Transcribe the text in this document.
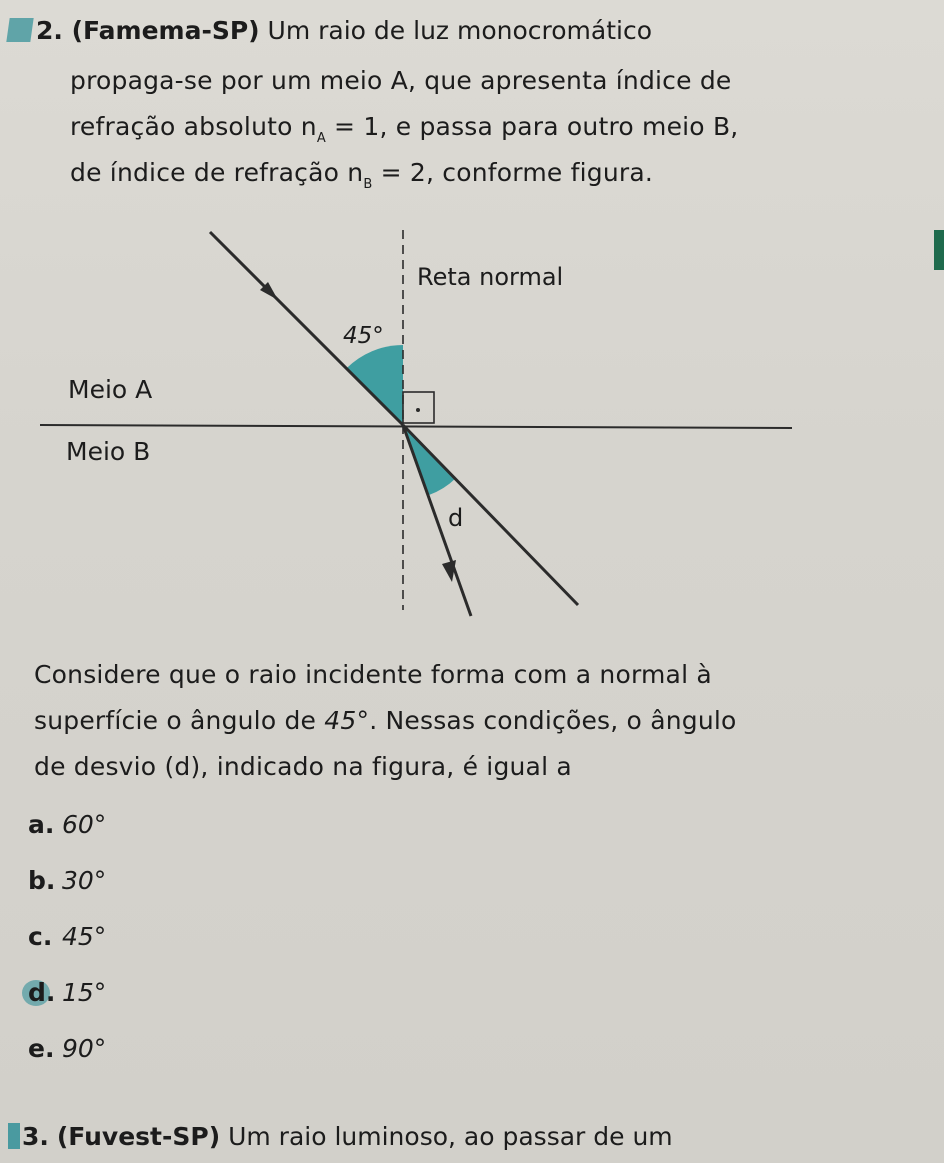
2. (Famema-SP) Um raio de luz monocromático
propaga-se por um meio A, que apresenta índice de
refração absoluto $n_A = 1$, e passa para outro meio B,
de índice de refração $n_B = 2$, conforme figura.
Reta normal
45°
Meio A
Meio B
d
Considere que o raio incidente forma com a normal à
superfície o ângulo de 45°. Nessas condições, o ângulo
de desvio (d), indicado na figura, é igual a
a. 60°
b. 30°
c. 45°
d. 15°
e. 90°
3. (Fuvest-SP) Um raio luminoso, ao passar de um
